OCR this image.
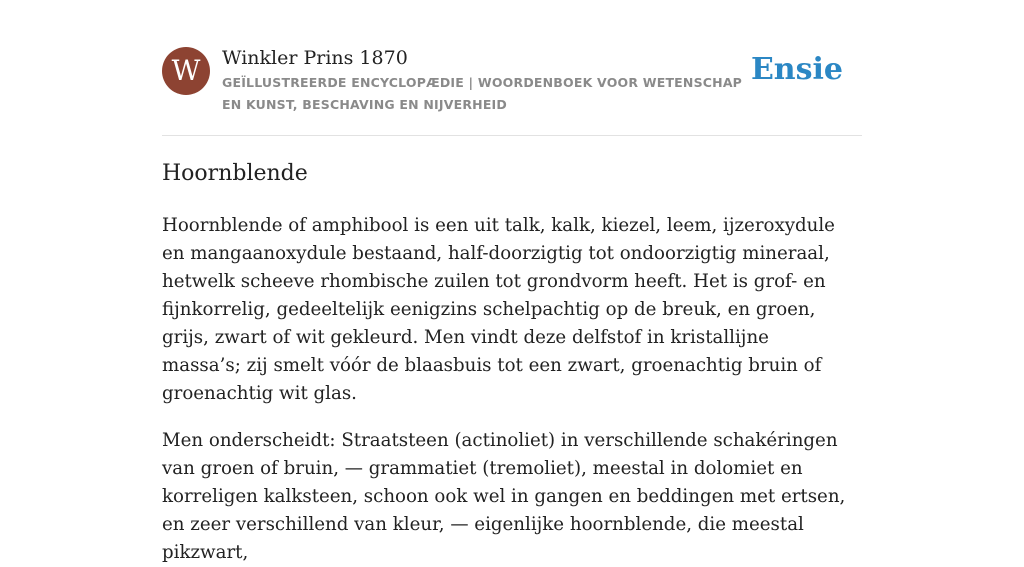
W	Winkler Prins 1870
GEÏLLUSTREERDE ENCYCLOPÆDIE | WOORDENBOEK VOOR WETENSCHAP EN KUNST, BESCHAVING EN NIJVERHEID
Ensie
Hoornblende

Hoornblende of amphibool is een uit talk, kalk, kiezel, leem, ijzeroxydule en mangaanoxydule bestaand, half-doorzigtig tot ondoorzigtig mineraal, hetwelk scheeve rhombische zuilen tot grondvorm heeft. Het is grof- en fijnkorrelig, gedeeltelijk eenigzins schelpachtig op de breuk, en groen, grijs, zwart of wit gekleurd. Men vindt deze delfstof in kristallijne massa’s; zij smelt vóór de blaasbuis tot een zwart, groenachtig bruin of groenachtig wit glas.

Men onderscheidt: Straatsteen (actinoliet) in verschillende schakéringen van groen of bruin, — grammatiet (tremoliet), meestal in dolomiet en korreligen kalksteen, schoon ook wel in gangen en beddingen met ertsen, en zeer verschillend van kleur, — eigenlijke hoornblende, die meestal pikzwart,
